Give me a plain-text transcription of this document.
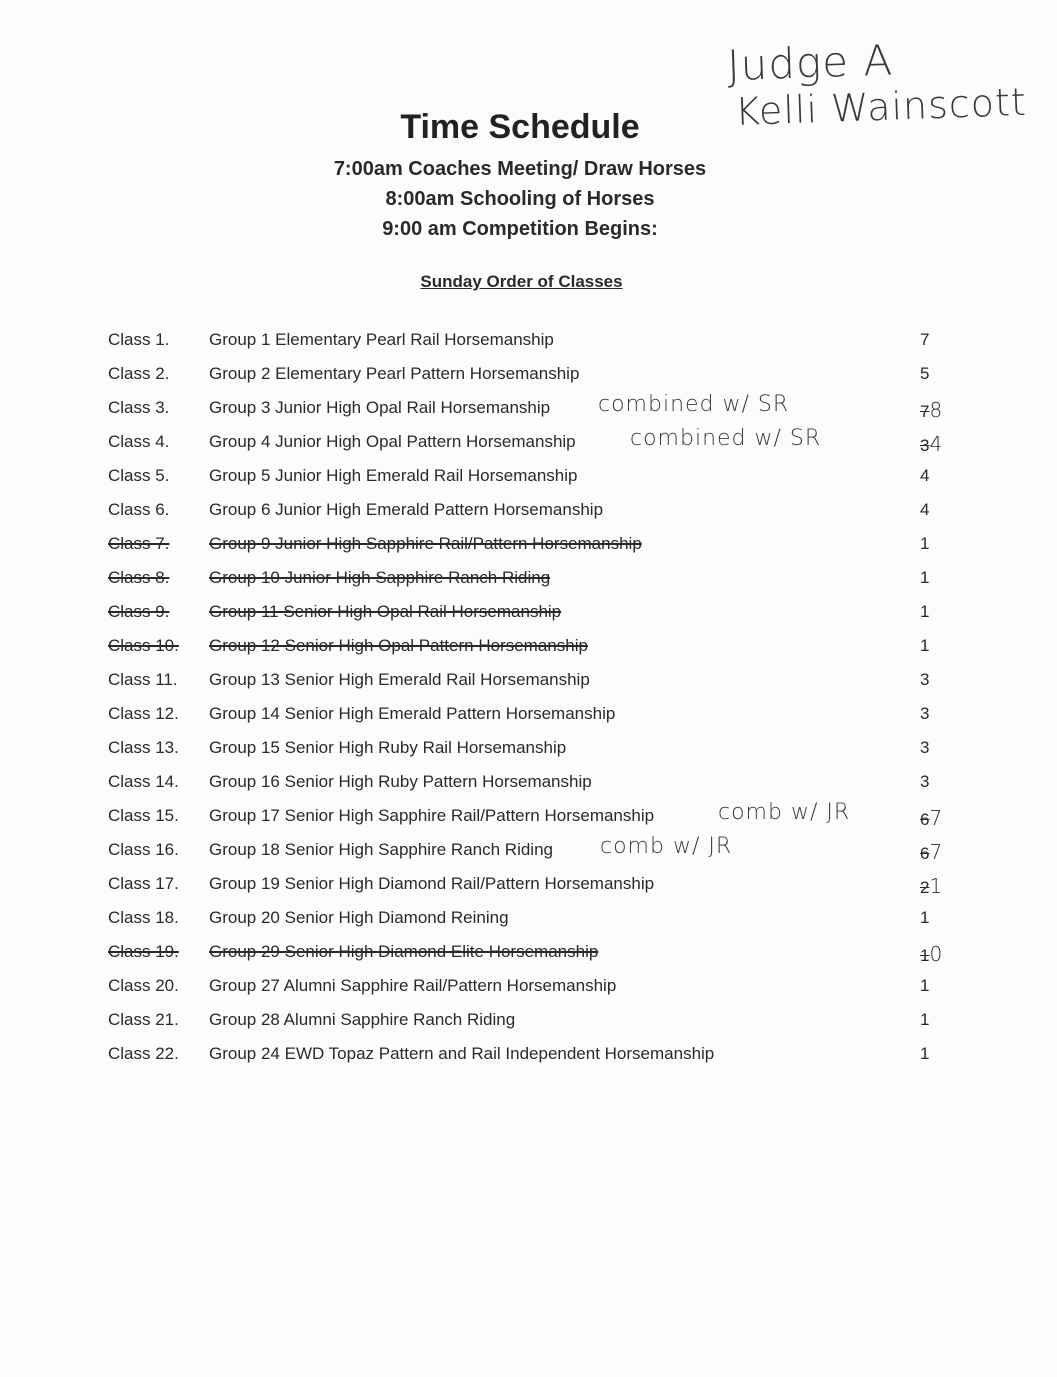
Judge A
Kelli Wainscott
Time Schedule
7:00am Coaches Meeting/ Draw Horses
8:00am Schooling of Horses
9:00 am Competition Begins:
Sunday Order of Classes
Class 1. Group 1 Elementary Pearl Rail Horsemanship	7
Class 2. Group 2 Elementary Pearl Pattern Horsemanship	5
Class 3. Group 3 Junior High Opal Rail Horsemanship combined w/ SR	78
Class 4. Group 4 Junior High Opal Pattern Horsemanship combined w/ SR	34
Class 5. Group 5 Junior High Emerald Rail Horsemanship	4
Class 6. Group 6 Junior High Emerald Pattern Horsemanship	4
Class 7. Group 9 Junior High Sapphire Rail/Pattern Horsemanship	1
Class 8. Group 10 Junior High Sapphire Ranch Riding	1
Class 9. Group 11 Senior High Opal Rail Horsemanship	1
Class 10. Group 12 Senior High Opal Pattern Horsemanship	1
Class 11. Group 13 Senior High Emerald Rail Horsemanship	3
Class 12. Group 14 Senior High Emerald Pattern Horsemanship	3
Class 13. Group 15 Senior High Ruby Rail Horsemanship	3
Class 14. Group 16 Senior High Ruby Pattern Horsemanship	3
Class 15. Group 17 Senior High Sapphire Rail/Pattern Horsemanship	comb w/ JR	67
Class 16. Group 18 Senior High Sapphire Ranch Riding comb w/ JR	67
Class 17. Group 19 Senior High Diamond Rail/Pattern Horsemanship	21
Class 18. Group 20 Senior High Diamond Reining	1
Class 19. Group 29 Senior High Diamond Elite Horsemanship	10
Class 20. Group 27 Alumni Sapphire Rail/Pattern Horsemanship	1
Class 21. Group 28 Alumni Sapphire Ranch Riding	1
Class 22. Group 24 EWD Topaz Pattern and Rail Independent Horsemanship	1
